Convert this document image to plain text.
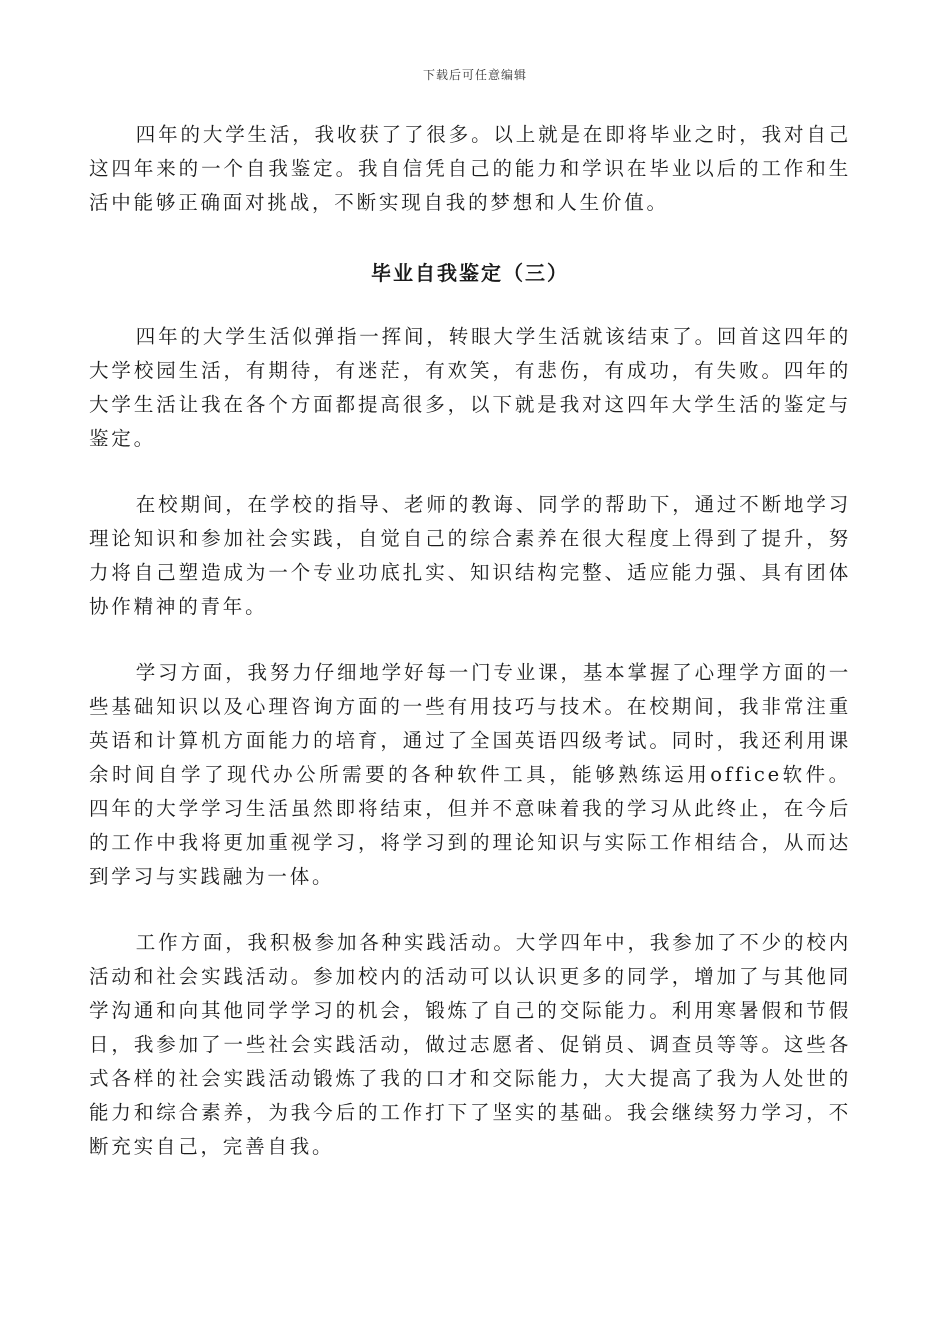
下载后可任意编辑

四年的大学生活，我收获了了很多。以上就是在即将毕业之时，我对自己这四年来的一个自我鉴定。我自信凭自己的能力和学识在毕业以后的工作和生活中能够正确面对挑战，不断实现自我的梦想和人生价值。

毕业自我鉴定（三）

四年的大学生活似弹指一挥间，转眼大学生活就该结束了。回首这四年的大学校园生活，有期待，有迷茫，有欢笑，有悲伤，有成功，有失败。四年的大学生活让我在各个方面都提高很多，以下就是我对这四年大学生活的鉴定与鉴定。

在校期间，在学校的指导、老师的教诲、同学的帮助下，通过不断地学习理论知识和参加社会实践，自觉自己的综合素养在很大程度上得到了提升，努力将自己塑造成为一个专业功底扎实、知识结构完整、适应能力强、具有团体协作精神的青年。

学习方面，我努力仔细地学好每一门专业课，基本掌握了心理学方面的一些基础知识以及心理咨询方面的一些有用技巧与技术。在校期间，我非常注重英语和计算机方面能力的培育，通过了全国英语四级考试。同时，我还利用课余时间自学了现代办公所需要的各种软件工具，能够熟练运用office软件。四年的大学学习生活虽然即将结束，但并不意味着我的学习从此终止，在今后的工作中我将更加重视学习，将学习到的理论知识与实际工作相结合，从而达到学习与实践融为一体。

工作方面，我积极参加各种实践活动。大学四年中，我参加了不少的校内活动和社会实践活动。参加校内的活动可以认识更多的同学，增加了与其他同学沟通和向其他同学学习的机会，锻炼了自己的交际能力。利用寒暑假和节假日，我参加了一些社会实践活动，做过志愿者、促销员、调查员等等。这些各式各样的社会实践活动锻炼了我的口才和交际能力，大大提高了我为人处世的能力和综合素养，为我今后的工作打下了坚实的基础。我会继续努力学习，不断充实自己，完善自我。
